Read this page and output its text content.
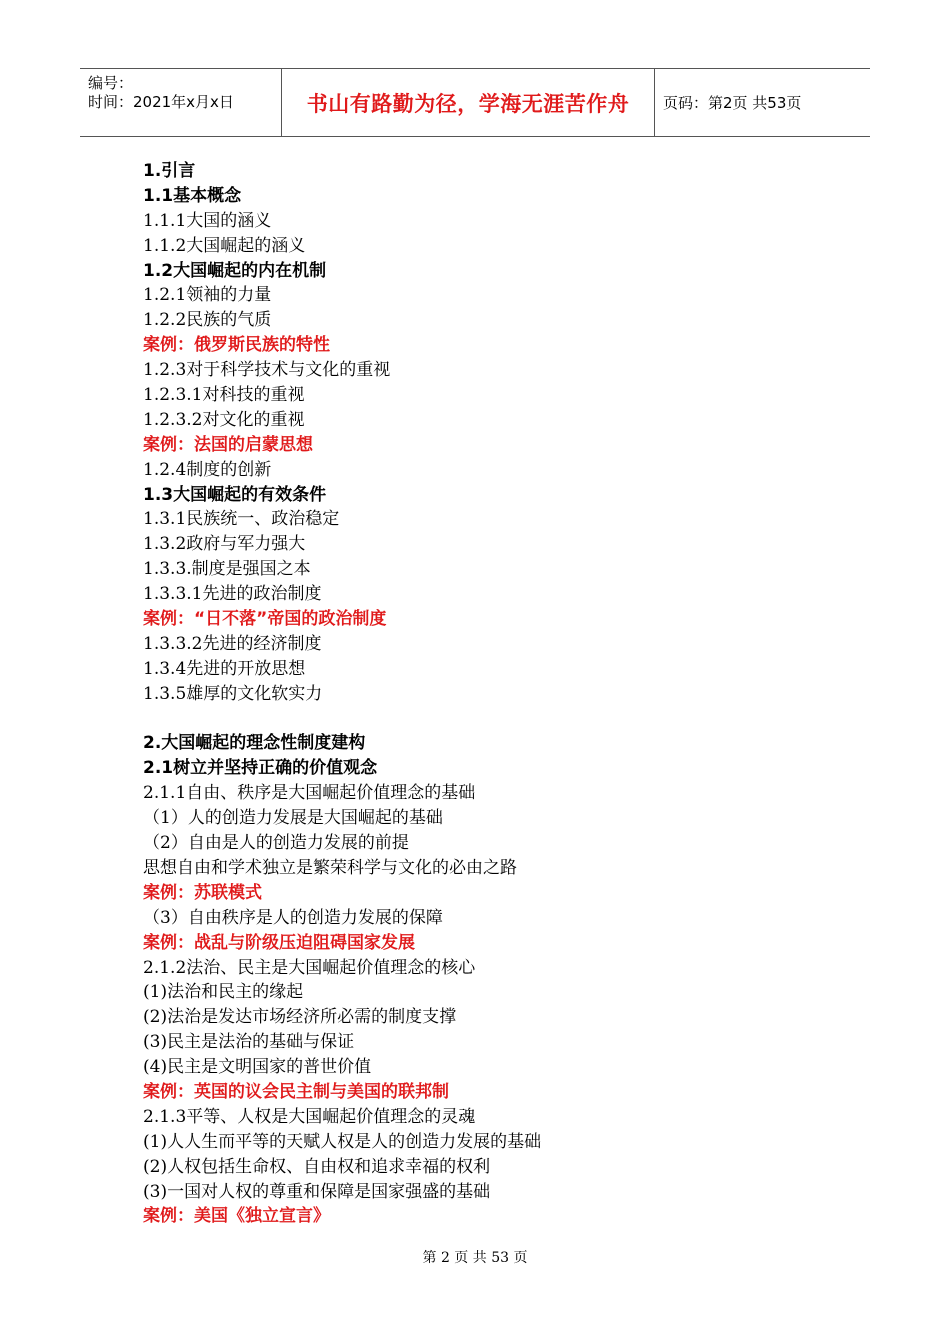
编号：
时间：2021年x月x日	书山有路勤为径，学海无涯苦作舟 页码：第2页 共53页
1.引言
1.1基本概念
1.1.1大国的涵义
1.1.2大国崛起的涵义
1.2大国崛起的内在机制
1.2.1领袖的力量
1.2.2民族的气质
案例：俄罗斯民族的特性
1.2.3对于科学技术与文化的重视
1.2.3.1对科技的重视
1.2.3.2对文化的重视
案例：法国的启蒙思想
1.2.4制度的创新
1.3大国崛起的有效条件
1.3.1民族统一、政治稳定
1.3.2政府与军力强大
1.3.3.制度是强国之本
1.3.3.1先进的政治制度
案例：“日不落”帝国的政治制度
1.3.3.2先进的经济制度
1.3.4先进的开放思想
1.3.5雄厚的文化软实力
2.大国崛起的理念性制度建构
2.1树立并坚持正确的价值观念
2.1.1自由、秩序是大国崛起价值理念的基础
（1）人的创造力发展是大国崛起的基础
（2）自由是人的创造力发展的前提
思想自由和学术独立是繁荣科学与文化的必由之路
案例：苏联模式
（3）自由秩序是人的创造力发展的保障
案例：战乱与阶级压迫阻碍国家发展
2.1.2法治、民主是大国崛起价值理念的核心
(1)法治和民主的缘起
(2)法治是发达市场经济所必需的制度支撑
(3)民主是法治的基础与保证
(4)民主是文明国家的普世价值
案例：英国的议会民主制与美国的联邦制
2.1.3平等、人权是大国崛起价值理念的灵魂
(1)人人生而平等的天赋人权是人的创造力发展的基础
(2)人权包括生命权、自由权和追求幸福的权利
(3)一国对人权的尊重和保障是国家强盛的基础
案例：美国《独立宣言》
第 2 页 共 53 页
